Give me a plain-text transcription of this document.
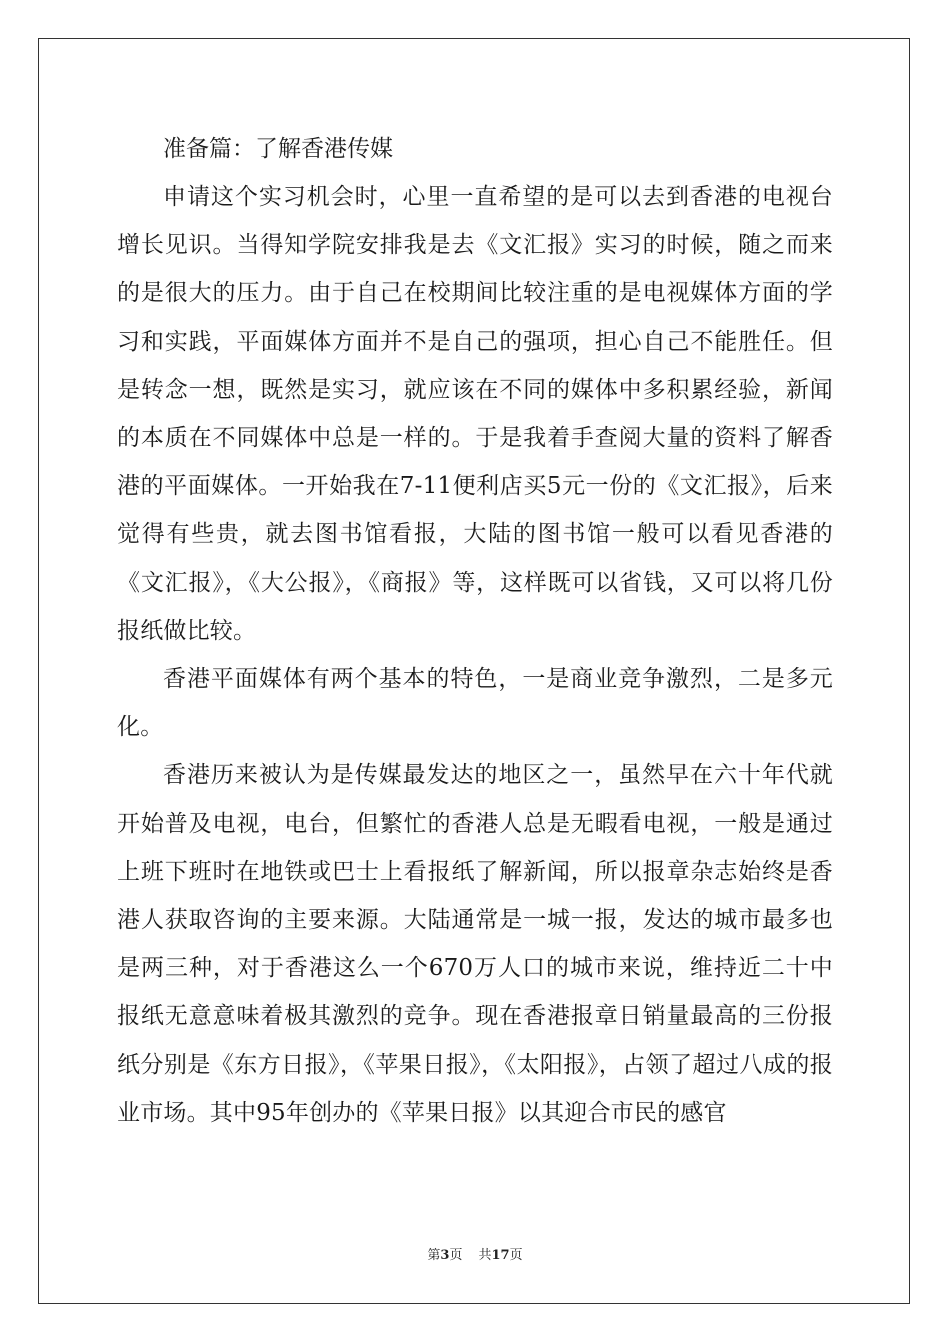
准备篇：了解香港传媒

申请这个实习机会时，心里一直希望的是可以去到香港的电视台增长见识。当得知学院安排我是去《文汇报》实习的时候，随之而来的是很大的压力。由于自己在校期间比较注重的是电视媒体方面的学习和实践，平面媒体方面并不是自己的强项，担心自己不能胜任。但是转念一想，既然是实习，就应该在不同的媒体中多积累经验，新闻的本质在不同媒体中总是一样的。于是我着手查阅大量的资料了解香港的平面媒体。一开始我在7-11便利店买5元一份的《文汇报》，后来觉得有些贵，就去图书馆看报，大陆的图书馆一般可以看见香港的《文汇报》，《大公报》，《商报》等，这样既可以省钱，又可以将几份报纸做比较。

香港平面媒体有两个基本的特色，一是商业竞争激烈，二是多元化。

香港历来被认为是传媒最发达的地区之一，虽然早在六十年代就开始普及电视，电台，但繁忙的香港人总是无暇看电视，一般是通过上班下班时在地铁或巴士上看报纸了解新闻，所以报章杂志始终是香港人获取咨询的主要来源。大陆通常是一城一报，发达的城市最多也是两三种，对于香港这么一个670万人口的城市来说，维持近二十中报纸无意意味着极其激烈的竞争。现在香港报章日销量最高的三份报纸分别是《东方日报》，《苹果日报》，《太阳报》，占领了超过八成的报业市场。其中95年创办的《苹果日报》以其迎合市民的感官

第3页 共17页
